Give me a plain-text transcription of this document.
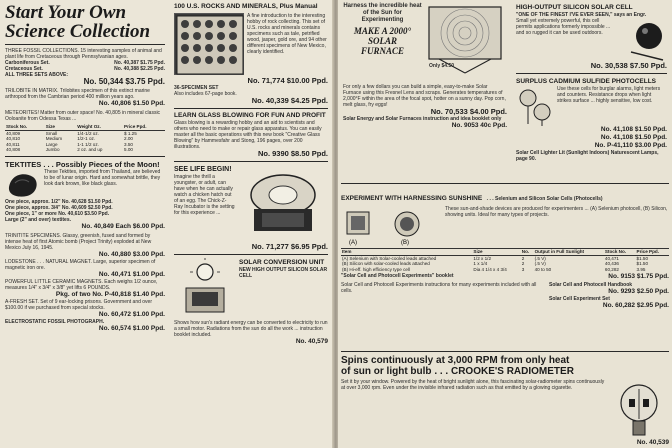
Start Your Own
Science Collection
THREE FOSSIL COLLECTIONS. 15 interesting samples of animal and plant life from Cretaceous through Pennsylvanian ages.
Carboniferous Set.	No. 40,387 $1.75 Ppd.
Cretaceous Set.	No. 40,388 $2.25 Ppd.
ALL THREE SETS ABOVE:
No. 50,344 $3.75 Ppd.
TRILOBITE IN MATRIX. Trilobites specimen of this extinct marine arthropod from the Cambrian period 400 million years ago.
No. 40,806 $1.50 Ppd.
METEORITES! Matter from outer space! No. 40,805 in mineral classic Ooloanite from Odessa Texas ...
Stock No.	Size	Weight Oz.	Price Ppd.
40,809	Small	1/4-1/2 oz.	$ 1.25
40,810	Medium	1/2-1 oz.	2.00
40,811	Large	1-1 1/2 oz.	3.50
40,808	Jumbo	2 oz. and up	5.00
TEKTITES . . . Possibly Pieces of the Moon!
These Tektites, imported from Thailand, are believed to be of lunar origin. Hard and somewhat brittle, they look dark brown, like black glass.
One piece, approx. 1/2" No. 40,628 $1.50 Ppd.
One piece, approx. 3/4" No. 40,609 $2.50 Ppd.
One piece, 1" or more No. 40,610 $3.50 Ppd.
Large (2" and over) textites.
No. 40,849 Each $6.00 Ppd.
TRINITITE SPECIMENS. Glassy, greenish, fused sand formed by intense heat of first Atomic bomb (Project Trinity) exploded at New Mexico July 16, 1945.
No. 40,880 $3.00 Ppd.
LODESTONE . . . NATURAL MAGNET. Large, superior specimen of magnetic iron ore.
No. 40,471 $1.00 Ppd.
POWERFUL LITTLE CERAMIC MAGNETS. Each weighs 1/2 ounce, measures 1/4" x 3/4" x 3/8" yet lifts 6 POUNDS.
Pkg. of two No. P-40,818 $1.40 Ppd.
A-FRESH SET. Set of 9 ear-locking prisons. Government and over $100.00 if we purchased from special stocks.
No. 60,472 $1.00 Ppd.
ELECTROSTATIC FOSSIL PHOTOGRAPH.
No. 60,574 $1.00 Ppd.
100 U.S. ROCKS AND MINERALS, Plus Manual
A fine introduction to the interesting hobby of rock collecting. This set of U.S. rocks and minerals contains specimens such as tale, petrified wood, jasper, gold ore, and 94 other different specimens of New Mexico, clearly identified.
No. 71,774 $10.00 Ppd.
36-SPECIMEN SET
Also includes 67-page book.
No. 40,339 $4.25 Ppd.
LEARN GLASS BLOWING FOR FUN AND PROFIT
Glass blowing is a rewarding hobby and an aid to scientists and others who need to make or repair glass apparatus. You can easily master all the basic operations with this new book "Creative Glass Blowing" by Hammesfahr and Stong, 196 pages, over 200 illustrations.
No. 9390 $8.50 Ppd.
SEE LIFE BEGIN!
Imagine the thrill a youngster, or adult, can have when he can actually watch a chicken hatch out of an egg. The Chick-Z-Ray Incubator is the setting for this experience ...
No. 71,277 $6.95 Ppd.
SOLAR CONVERSION UNIT
NEW HIGH OUTPUT SILICON SOLAR CELL
Shows how sun's radiant energy can be converted to electricity to run a small motor. Radiations from the sun do all the work ... instruction booklet included.
No. 40,579
Harness the incredible heat of the Sun for Experimenting
MAKE A 2000°
SOLAR
FURNACE
Only $4.50
For only a few dollars you can build a simple, easy-to-make Solar Furnace using this Fresnel Lens and scraps. Generates temperatures of 2,000°F within the area of the focal spot, hotter on a sunny day. Pop corn, melt glass, fry eggs!
No. 70,533 $4.00 Ppd.
Solar Energy and Solar Furnaces instruction and idea booklet only
No. 9053 40c Ppd.
HIGH-OUTPUT SILICON SOLAR CELL
"ONE OF THE FINEST I'VE EVER SEEN," says an Engr.
Small yet extremely powerful, this cell permits applications formerly impossible ... and so rugged it can be used outdoors.
No. 30,538 $7.50 Ppd.
SURPLUS CADMIUM SULFIDE PHOTOCELLS
Use these cells for burglar alarms, light meters and counters. Resistance drops when light strikes surface ... highly sensitive, low cost.
No. 41,108 $1.50 Ppd.
No. 41,108 $1.50 Ppd.
No. P-41,110 $3.00 Ppd.
Solar Cell Lighter Lit (Sunlight Indoors) Naturescent Lamps, page 90.
EXPERIMENT WITH HARNESSING SUNSHINE . . . Selenium and Silicon Solar Cells (Photocells)
(A)	(B)
These sun-and-shade devices are produced for experimenters ... (A) Selenium photocell, (B) Silicon, showing units. Ideal for many types of projects.
Item	Size	No.	Output in Full Sunlight	Stock No.	Price Ppd.
(A) Selenium with Solar-cooled leads attached	1/2 x 1/2	2	(.5 V)	40,471	$1.50
(B) Silicon with solar-cooled leads attached	1 x 1/4	2	(.5 V)	40,436	$1.50
(B) Hi-eff. high efficiency type cell	Dia 4 1/4 x 4 3/4	3	40 to 50	60,282	3.95
"Solar Cell and Photocell Experiments" booklet	No. 9153 $1.75 Ppd.
Solar Cell and Photocell Experiments instructions for many experiments included with all cells.
Solar Cell and Photocell Handbook
No. 9293 $2.50 Ppd.
Solar Cell Experiment Set
No. 60,282 $2.95 Ppd.
Spins continuously at 3,000 RPM from only heat
of sun or light bulb . . . CROOKE'S RADIOMETER
Set it by your window. Powered by the heat of bright sunlight alone, this fascinating solar-radiometer spins continuously at over 3,000 rpm. Even under the invisible infrared radiation such as that emitted by a glowing cigarette.
No. 40,539
